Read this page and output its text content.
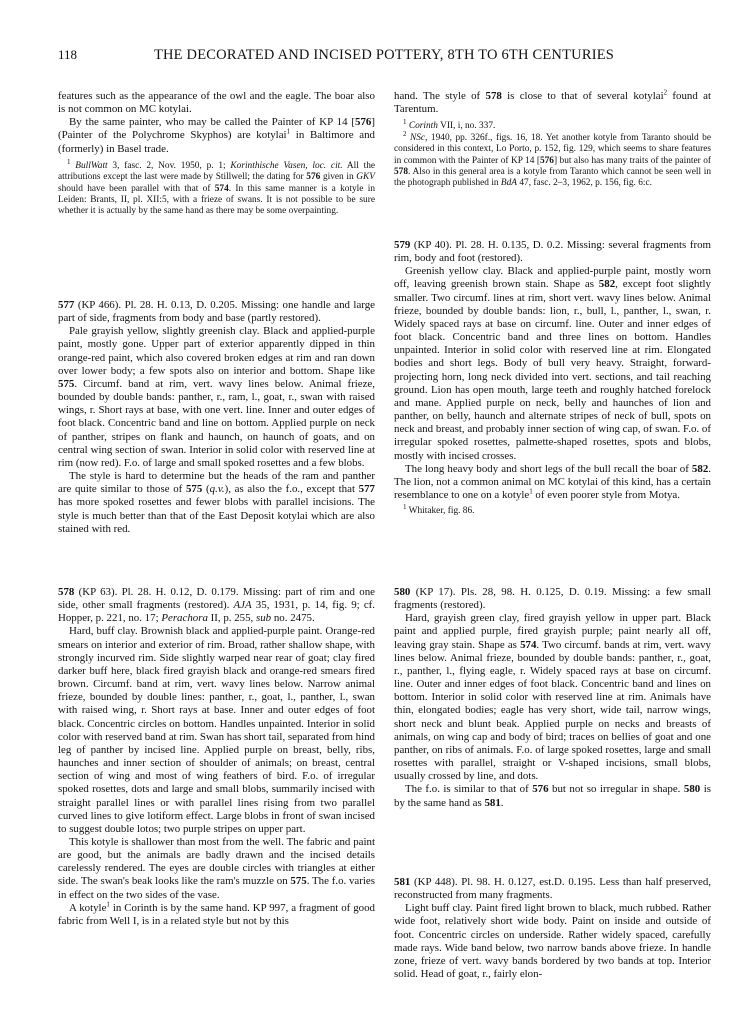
118	THE DECORATED AND INCISED POTTERY, 8TH TO 6TH CENTURIES

features such as the appearance of the owl and the eagle. The boar also is not common on MC kotylai.

By the same painter, who may be called the Painter of KP 14 [576] (Painter of the Polychrome Skyphos) are kotylai$^1$ in Baltimore and (formerly) in Basel trade.

$^1$ BullWatt 3, fasc. 2, Nov. 1950, p. 1; Korinthische Vasen, loc. cit. All the attributions except the last were made by Stillwell; the dating for 576 given in GKV should have been parallel with that of 574. In this same manner is a kotyle in Leiden: Brants, II, pl. XII:5, with a frieze of swans. It is not possible to be sure whether it is actually by the same hand as there may be some overpainting.

577 (KP 466). Pl. 28. H. 0.13, D. 0.205. Missing: one handle and large part of side, fragments from body and base (partly restored).

Pale grayish yellow, slightly greenish clay. Black and applied-purple paint, mostly gone. Upper part of exterior apparently dipped in thin orange-red paint, which also covered broken edges at rim and ran down over lower body; a few spots also on interior and bottom. Shape like 575. Circumf. band at rim, vert. wavy lines below. Animal frieze, bounded by double bands: panther, r., ram, l., goat, r., swan with raised wings, r. Short rays at base, with one vert. line. Inner and outer edges of foot black. Concentric band and line on bottom. Applied purple on neck of panther, stripes on flank and haunch, on haunch of goats, and on central wing section of swan. Interior in solid color with reserved line at rim (now red). F.o. of large and small spoked rosettes and a few blobs.

The style is hard to determine but the heads of the ram and panther are quite similar to those of 575 (q.v.), as also the f.o., except that 577 has more spoked rosettes and fewer blobs with parallel incisions. The style is much better than that of the East Deposit kotylai which are also stained with red.

578 (KP 63). Pl. 28. H. 0.12, D. 0.179. Missing: part of rim and one side, other small fragments (restored). AJA 35, 1931, p. 14, fig. 9; cf. Hopper, p. 221, no. 17; Perachora II, p. 255, sub no. 2475.

Hard, buff clay. Brownish black and applied-purple paint. Orange-red smears on interior and exterior of rim. Broad, rather shallow shape, with strongly incurved rim. Side slightly warped near rear of goat; clay fired darker buff here, black fired grayish black and orange-red smears fired brown. Circumf. band at rim, vert. wavy lines below. Narrow animal frieze, bounded by double lines: panther, r., goat, l., panther, l., swan with raised wing, r. Short rays at base. Inner and outer edges of foot black. Concentric circles on bottom. Handles unpainted. Interior in solid color with reserved band at rim. Swan has short tail, separated from hind leg of panther by incised line. Applied purple on breast, belly, ribs, haunches and inner section of shoulder of animals; on breast, central section of wing and most of wing feathers of bird. F.o. of irregular spoked rosettes, dots and large and small blobs, summarily incised with straight parallel lines or with parallel lines rising from two parallel curved lines to give lotiform effect. Large blobs in front of swan incised to suggest double lotos; two purple stripes on upper part.

This kotyle is shallower than most from the well. The fabric and paint are good, but the animals are badly drawn and the incised details carelessly rendered. The eyes are double circles with triangles at either side. The swan's beak looks like the ram's muzzle on 575. The f.o. varies in effect on the two sides of the vase.

A kotyle$^1$ in Corinth is by the same hand. KP 997, a fragment of good fabric from Well I, is in a related style but not by this

hand. The style of 578 is close to that of several kotylai$^2$ found at Tarentum.

$^1$ Corinth VII, i, no. 337.

$^2$ NSc, 1940, pp. 326f., figs. 16, 18. Yet another kotyle from Taranto should be considered in this context, Lo Porto, p. 152, fig. 129, which seems to share features in common with the Painter of KP 14 [576] but also has many traits of the painter of 578. Also in this general area is a kotyle from Taranto which cannot be seen well in the photograph published in BdA 47, fasc. 2–3, 1962, p. 156, fig. 6:c.

579 (KP 40). Pl. 28. H. 0.135, D. 0.2. Missing: several fragments from rim, body and foot (restored).

Greenish yellow clay. Black and applied-purple paint, mostly worn off, leaving greenish brown stain. Shape as 582, except foot slightly smaller. Two circumf. lines at rim, short vert. wavy lines below. Animal frieze, bounded by double bands: lion, r., bull, l., panther, l., swan, r. Widely spaced rays at base on circumf. line. Outer and inner edges of foot black. Concentric band and three lines on bottom. Handles unpainted. Interior in solid color with reserved line at rim. Elongated bodies and short legs. Body of bull very heavy. Straight, forward-projecting horn, long neck divided into vert. sections, and tail reaching ground. Lion has open mouth, large teeth and roughly hatched forelock and mane. Applied purple on neck, belly and haunches of lion and panther, on belly, haunch and alternate stripes of neck of bull, spots on neck and breast, and probably inner section of wing cap, of swan. F.o. of irregular spoked rosettes, palmette-shaped rosettes, spots and blobs, mostly with incised crosses.

The long heavy body and short legs of the bull recall the boar of 582. The lion, not a common animal on MC kotylai of this kind, has a certain resemblance to one on a kotyle$^1$ of even poorer style from Motya.

$^1$ Whitaker, fig. 86.

580 (KP 17). Pls. 28, 98. H. 0.125, D. 0.19. Missing: a few small fragments (restored).

Hard, grayish green clay, fired grayish yellow in upper part. Black paint and applied purple, fired grayish purple; paint nearly all off, leaving gray stain. Shape as 574. Two circumf. bands at rim, vert. wavy lines below. Animal frieze, bounded by double bands: panther, r., goat, r., panther, l., flying eagle, r. Widely spaced rays at base on circumf. line. Outer and inner edges of foot black. Concentric band and lines on bottom. Interior in solid color with reserved line at rim. Animals have thin, elongated bodies; eagle has very short, wide tail, narrow wings, short neck and blunt beak. Applied purple on necks and breasts of animals, on wing cap and body of bird; traces on bellies of goat and one panther, on ribs of animals. F.o. of large spoked rosettes, large and small rosettes with parallel, straight or V-shaped incisions, small blobs, usually crossed by line, and dots.

The f.o. is similar to that of 576 but not so irregular in shape. 580 is by the same hand as 581.

581 (KP 448). Pl. 98. H. 0.127, est.D. 0.195. Less than half preserved, reconstructed from many fragments.

Light buff clay. Paint fired light brown to black, much rubbed. Rather wide foot, relatively short wide body. Paint on inside and outside of foot. Concentric circles on underside. Rather widely spaced, carefully made rays. Wide band below, two narrow bands above frieze. In handle zone, frieze of vert. wavy bands bordered by two bands at top. Interior solid. Head of goat, r., fairly elon-
